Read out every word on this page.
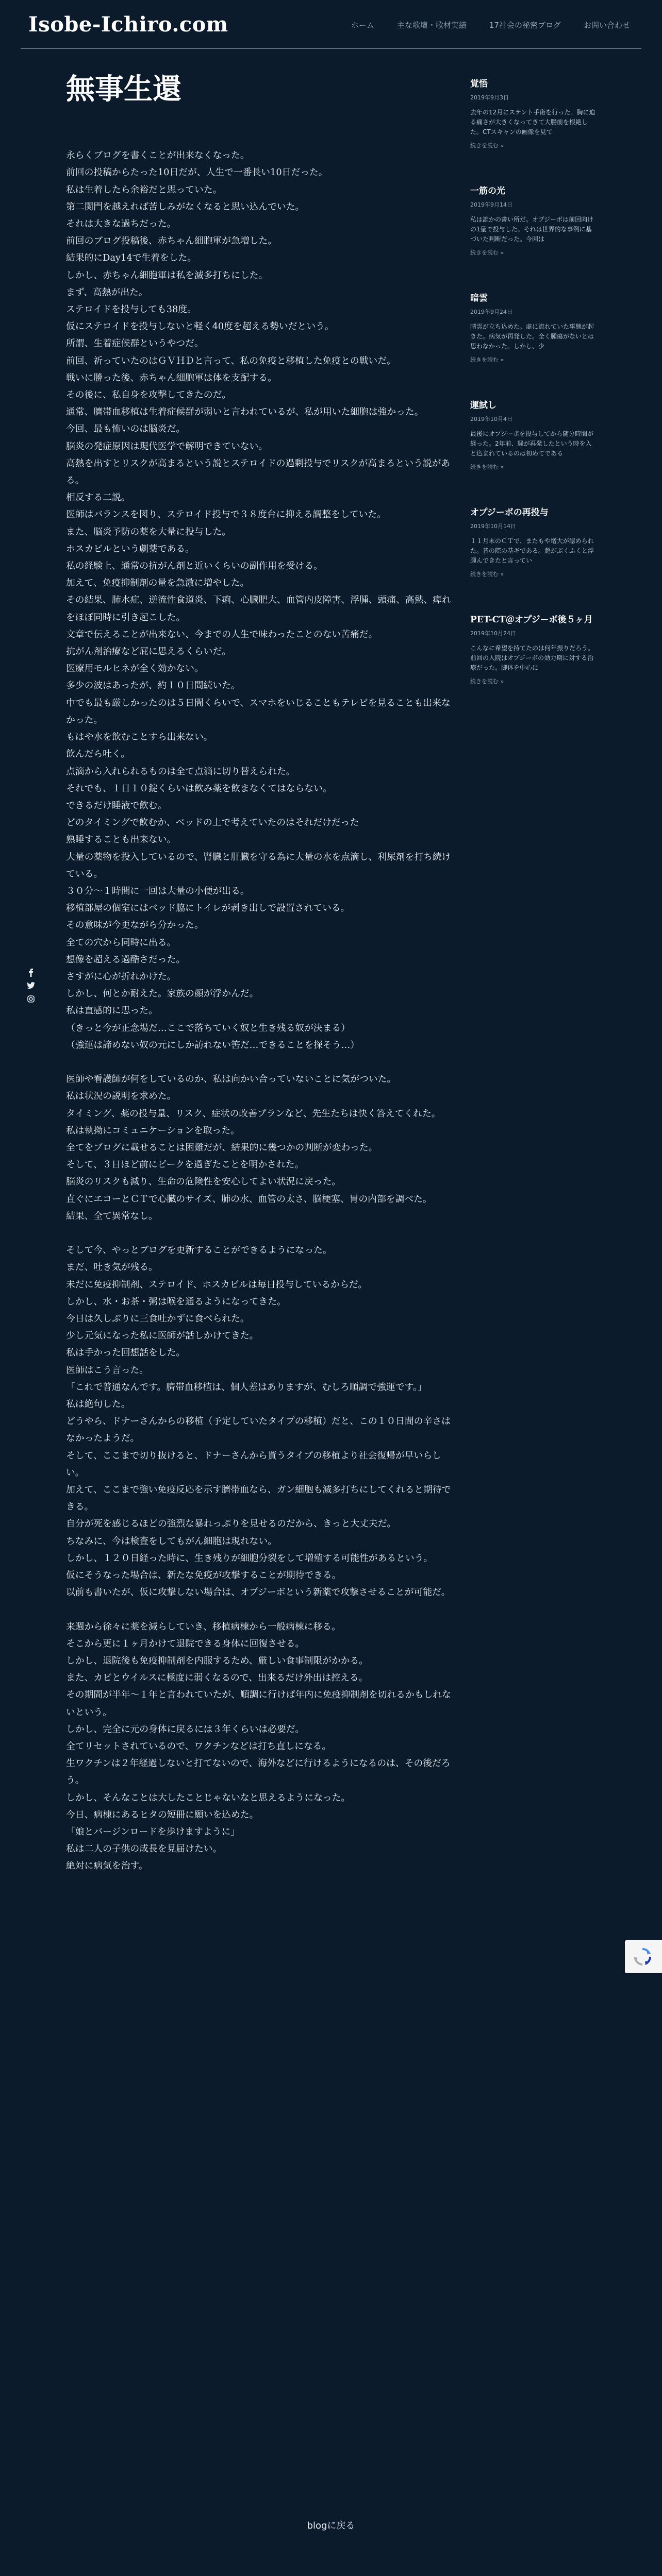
Isobe-Ichiro.com	ホーム	主な歌壇・歌材実績	17社会の秘密ブログ	お問い合わせ
無事生還

永らくブログを書くことが出来なくなった。

前回の投稿からたった10日だが、人生で一番長い10日だった。

私は生着したら余裕だと思っていた。

第二関門を越えれば苦しみがなくなると思い込んでいた。

それは大きな過ちだった。

前回のブログ投稿後、赤ちゃん細胞軍が急増した。

結果的にDay14で生着をした。

しかし、赤ちゃん細胞軍は私を滅多打ちにした。

まず、高熱が出た。

ステロイドを投与しても38度。

仮にステロイドを投与しないと軽く40度を超える勢いだという。

所謂、生着症候群というやつだ。

前回、祈っていたのはＧＶＨＤと言って、私の免疫と移植した免疫との戦いだ。

戦いに勝った後、赤ちゃん細胞軍は体を支配する。

その後に、私自身を攻撃してきたのだ。

通常、臍帯血移植は生着症候群が弱いと言われているが、私が用いた細胞は強かった。

今回、最も怖いのは脳炎だ。

脳炎の発症原因は現代医学で解明できていない。

高熱を出すとリスクが高まるという説とステロイドの過剰投与でリスクが高まるという説がある。

相反する二説。

医師はバランスを図り、ステロイド投与で３８度台に抑える調整をしていた。

また、脳炎予防の薬を大量に投与した。

ホスカビルという劇薬である。

私の経験上、通常の抗がん剤と近いくらいの副作用を受ける。

加えて、免疫抑制剤の量を急激に増やした。

その結果、肺水症、逆流性食道炎、下痢、心臓肥大、血管内皮障害、浮腫、頭痛、高熱、痺れをほぼ同時に引き起こした。

文章で伝えることが出来ない、今までの人生で味わったことのない苦痛だ。

抗がん剤治療など屁に思えるくらいだ。

医療用モルヒネが全く効かない。

多少の波はあったが、約１０日間続いた。

中でも最も厳しかったのは５日間くらいで、スマホをいじることもテレビを見ることも出来なかった。

もはや水を飲むことすら出来ない。

飲んだら吐く。

点滴から入れられるものは全て点滴に切り替えられた。

それでも、１日１０錠くらいは飲み薬を飲まなくてはならない。

できるだけ睡液で飲む。

どのタイミングで飲むか、ベッドの上で考えていたのはそれだけだった

熟睡することも出来ない。

大量の薬物を投入しているので、腎臓と肝臓を守る為に大量の水を点滴し、利尿剤を打ち続けている。

３０分～１時間に一回は大量の小便が出る。

移植部屋の個室にはベッド脇にトイレが剥き出しで設置されている。

その意味が今更ながら分かった。

全ての穴から同時に出る。

想像を超える過酷さだった。

さすがに心が折れかけた。

しかし、何とか耐えた。家族の顔が浮かんだ。

私は直感的に思った。

（きっと今が正念場だ…ここで落ちていく奴と生き残る奴が決まる）

（強運は諦めない奴の元にしか訪れない筈だ…できることを探そう…）

医師や看護師が何をしているのか、私は向かい合っていないことに気がついた。

私は状況の説明を求めた。

タイミング、薬の投与量、リスク、症状の改善プランなど、先生たちは快く答えてくれた。

私は執拗にコミュニケーションを取った。

全てをブログに載せることは困難だが、結果的に幾つかの判断が変わった。

そして、３日ほど前にピークを過ぎたことを明かされた。

脳炎のリスクも減り、生命の危険性を安心してよい状況に戻った。

直ぐにエコーとＣＴで心臓のサイズ、肺の水、血管の太さ、脳梗塞、胃の内部を調べた。

結果、全て異常なし。

そして今、やっとブログを更新することができるようになった。

まだ、吐き気が残る。

未だに免疫抑制剤、ステロイド、ホスカビルは毎日投与しているからだ。

しかし、水・お茶・粥は喉を通るようになってきた。

今日は久しぶりに三食吐かずに食べられた。

少し元気になった私に医師が話しかけてきた。

私は手かった回想話をした。

医師はこう言った。

「これで普通なんです。臍帯血移植は、個人差はありますが、むしろ順調で強運です。」

私は絶句した。

どうやら、ドナーさんからの移植（予定していたタイプの移植）だと、この１０日間の辛さはなかったようだ。

そして、ここまで切り抜けると、ドナーさんから貰うタイプの移植より社会復帰が早いらしい。

加えて、ここまで強い免疫反応を示す臍帯血なら、ガン細胞も滅多打ちにしてくれると期待できる。

自分が死を感じるほどの強烈な暴れっぷりを見せるのだから、きっと大丈夫だ。

ちなみに、今は検査をしてもがん細胞は現れない。

しかし、１２０日経った時に、生き残りが細胞分裂をして増殖する可能性があるという。

仮にそうなった場合は、新たな免疫が攻撃することが期待できる。

以前も書いたが、仮に攻撃しない場合は、オプジーボという新薬で攻撃させることが可能だ。

来週から徐々に薬を減らしていき、移植病棟から一般病棟に移る。

そこから更に１ヶ月かけて退院できる身体に回復させる。

しかし、退院後も免疫抑制剤を内服するため、厳しい食事制限がかかる。

また、カビとウイルスに極度に弱くなるので、出来るだけ外出は控える。

その期間が半年～１年と言われていたが、順調に行けば年内に免疫抑制剤を切れるかもしれないという。

しかし、完全に元の身体に戻るには３年くらいは必要だ。

全てリセットされているので、ワクチンなどは打ち直しになる。

生ワクチンは２年経過しないと打てないので、海外などに行けるようになるのは、その後だろう。

しかし、そんなことは大したことじゃないなと思えるようになった。

今日、病棟にあるヒタの短冊に願いを込めた。

「娘とバージンロードを歩けますように」

私は二人の子供の成長を見届けたい。

絶対に病気を治す。

覚悟
2019年9月3日
去年の12月にステント手術を行った。胸に迫る痛さが大きくなってきて大腸前を根絶した。CTスキャンの画像を見て
続きを読む »
一筋の光
2019年9月14日
私は誰かの書い所だ。オプジーボは前回向けの1量で投与した。それは世界的な事例に基づいた判断だった。今回は
続きを読む »
暗雲
2019年9月24日
晴雲が立ち込めた。虚に流れていた事態が起きた。病気が再発した。全く腫瘍がないとは思わなかった。しかし、少
続きを読む »
運試し
2019年10月4日
最後にオプジーボを投与してから随分時間が経った。2年前、騒が再発したという時を入と込まれているのは初めてである
続きを読む »
オプジーボの再投与
2019年10月14日
１１月末のＣＴで、またもや増大が認められた。昔の際の基ギである。超がぶくふくと浮腫んできたと言ってい
続きを読む »
PET-CT＠オプジーボ後５ヶ月
2019年10月24日
こんなに希望を持てたのは何年振りだろう。前回の入院はオプジーボの効力期に対する治療だった。脚体を中心に
続きを読む »
blogに戻る
